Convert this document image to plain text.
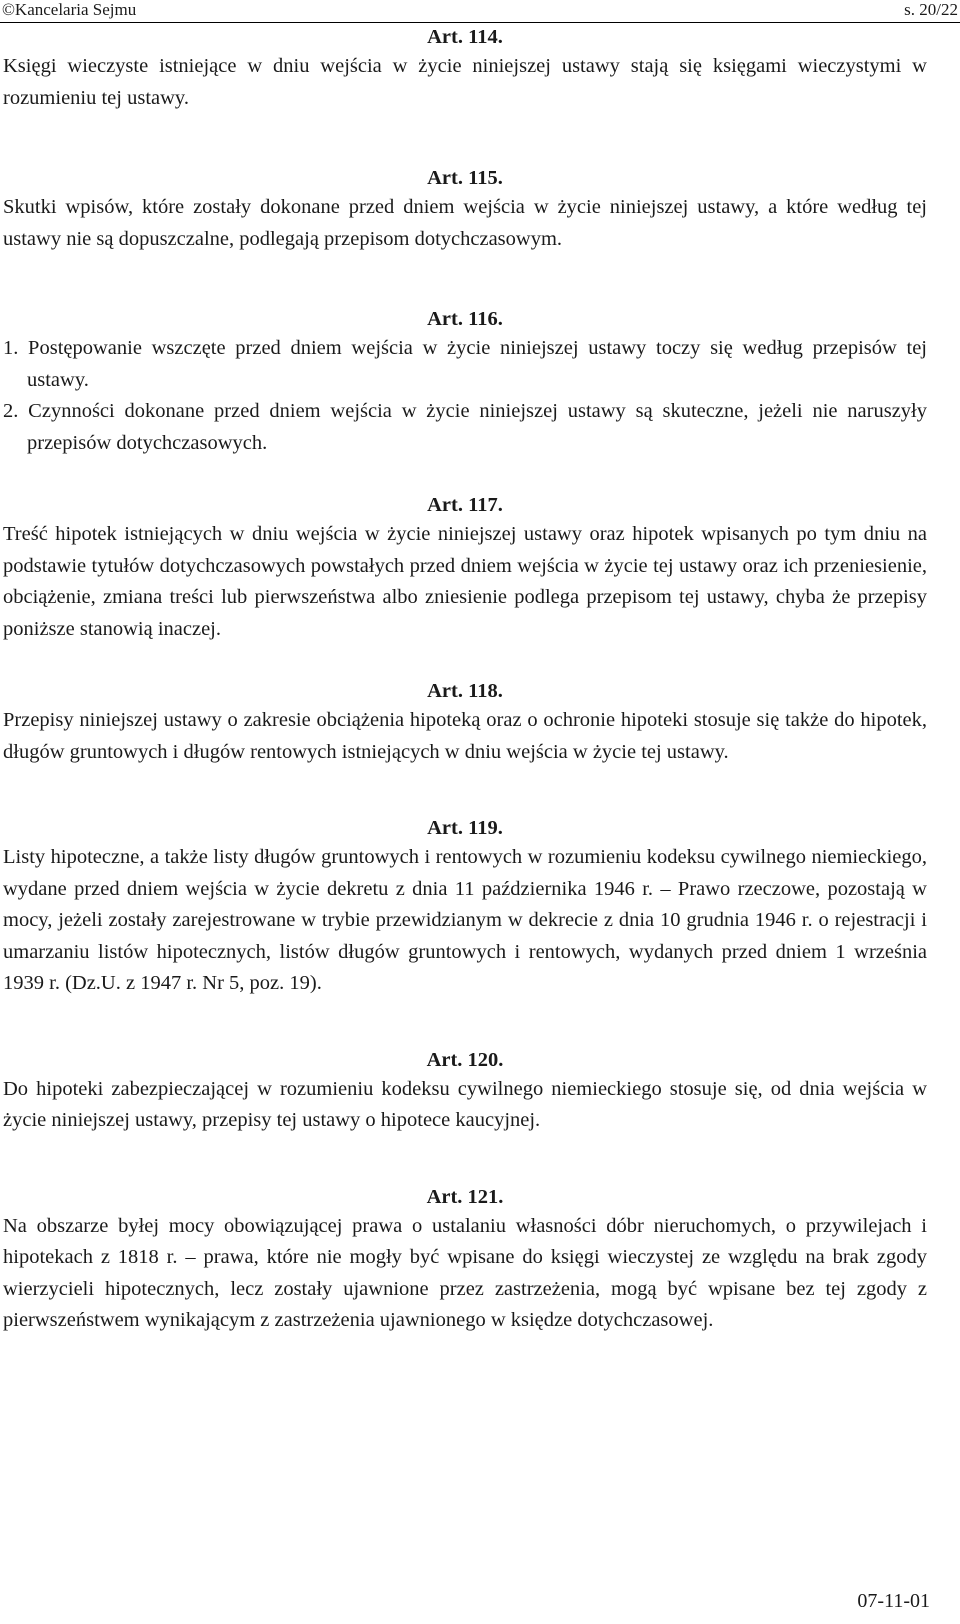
©Kancelaria Sejmu	s. 20/22

Art. 114.

Księgi wieczyste istniejące w dniu wejścia w życie niniejszej ustawy stają się księgami wieczystymi w rozumieniu tej ustawy.

Art. 115.

Skutki wpisów, które zostały dokonane przed dniem wejścia w życie niniejszej ustawy, a które według tej ustawy nie są dopuszczalne, podlegają przepisom dotychczasowym.

Art. 116.

1. Postępowanie wszczęte przed dniem wejścia w życie niniejszej ustawy toczy się według przepisów tej ustawy.

2. Czynności dokonane przed dniem wejścia w życie niniejszej ustawy są skuteczne, jeżeli nie naruszyły przepisów dotychczasowych.

Art. 117.

Treść hipotek istniejących w dniu wejścia w życie niniejszej ustawy oraz hipotek wpisanych po tym dniu na podstawie tytułów dotychczasowych powstałych przed dniem wejścia w życie tej ustawy oraz ich przeniesienie, obciążenie, zmiana treści lub pierwszeństwa albo zniesienie podlega przepisom tej ustawy, chyba że przepisy poniższe stanowią inaczej.

Art. 118.

Przepisy niniejszej ustawy o zakresie obciążenia hipoteką oraz o ochronie hipoteki stosuje się także do hipotek, długów gruntowych i długów rentowych istniejących w dniu wejścia w życie tej ustawy.

Art. 119.

Listy hipoteczne, a także listy długów gruntowych i rentowych w rozumieniu kodeksu cywilnego niemieckiego, wydane przed dniem wejścia w życie dekretu z dnia 11 października 1946 r. – Prawo rzeczowe, pozostają w mocy, jeżeli zostały zarejestrowane w trybie przewidzianym w dekrecie z dnia 10 grudnia 1946 r. o rejestracji i umarzaniu listów hipotecznych, listów długów gruntowych i rentowych, wydanych przed dniem 1 września 1939 r. (Dz.U. z 1947 r. Nr 5, poz. 19).

Art. 120.

Do hipoteki zabezpieczającej w rozumieniu kodeksu cywilnego niemieckiego stosuje się, od dnia wejścia w życie niniejszej ustawy, przepisy tej ustawy o hipotece kaucyjnej.

Art. 121.

Na obszarze byłej mocy obowiązującej prawa o ustalaniu własności dóbr nieruchomych, o przywilejach i hipotekach z 1818 r. – prawa, które nie mogły być wpisane do księgi wieczystej ze względu na brak zgody wierzycieli hipotecznych, lecz zostały ujawnione przez zastrzeżenia, mogą być wpisane bez tej zgody z pierwszeństwem wynikającym z zastrzeżenia ujawnionego w księdze dotychczasowej.

07-11-01
